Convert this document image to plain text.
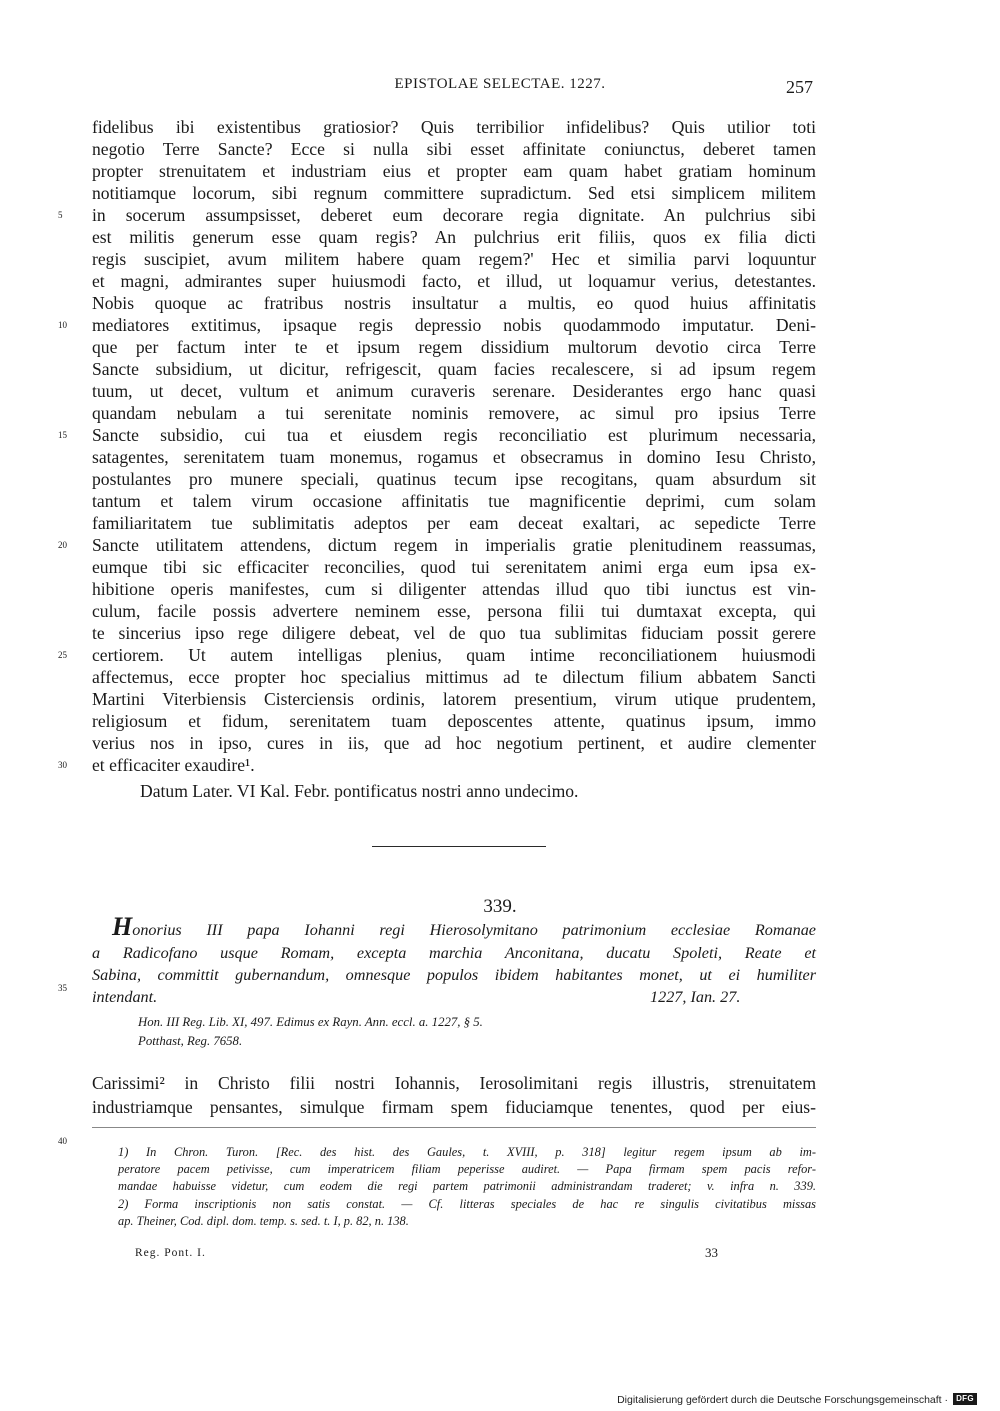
EPISTOLAE SELECTAE. 1227.	257
fidelibus ibi existentibus gratiosior? Quis terribilior infidelibus? Quis utilior toti
negotio Terre Sancte? Ecce si nulla sibi esset affinitate coniunctus, deberet tamen
propter strenuitatem et industriam eius et propter eam quam habet gratiam hominum
notitiamque locorum, sibi regnum committere supradictum. Sed etsi simplicem militem
in socerum assumpsisset, deberet eum decorare regia dignitate. An pulchrius sibi
est militis generum esse quam regis? An pulchrius erit filiis, quos ex filia dicti
regis suscipiet, avum militem habere quam regem?' Hec et similia parvi loquuntur
et magni, admirantes super huiusmodi facto, et illud, ut loquamur verius, detestantes.
Nobis quoque ac fratribus nostris insultatur a multis, eo quod huius affinitatis
mediatores extitimus, ipsaque regis depressio nobis quodammodo imputatur. Deni-
que per factum inter te et ipsum regem dissidium multorum devotio circa Terre
Sancte subsidium, ut dicitur, refrigescit, quam facies recalescere, si ad ipsum regem
tuum, ut decet, vultum et animum curaveris serenare. Desiderantes ergo hanc quasi
quandam nebulam a tui serenitate nominis removere, ac simul pro ipsius Terre
Sancte subsidio, cui tua et eiusdem regis reconciliatio est plurimum necessaria,
satagentes, serenitatem tuam monemus, rogamus et obsecramus in domino Iesu Christo,
postulantes pro munere speciali, quatinus tecum ipse recogitans, quam absurdum sit
tantum et talem virum occasione affinitatis tue magnificentie deprimi, cum solam
familiaritatem tue sublimitatis adeptos per eam deceat exaltari, ac sepedicte Terre
Sancte utilitatem attendens, dictum regem in imperialis gratie plenitudinem reassumas,
eumque tibi sic efficaciter reconcilies, quod tui serenitatem animi erga eum ipsa ex-
hibitione operis manifestes, cum si diligenter attendas illud quo tibi iunctus est vin-
culum, facile possis advertere neminem esse, persona filii tui dumtaxat excepta, qui
te sincerius ipso rege diligere debeat, vel de quo tua sublimitas fiduciam possit gerere
certiorem. Ut autem intelligas plenius, quam intime reconciliationem huiusmodi
affectemus, ecce propter hoc specialius mittimus ad te dilectum filium abbatem Sancti
Martini Viterbiensis Cisterciensis ordinis, latorem presentium, virum utique prudentem,
religiosum et fidum, serenitatem tuam deposcentes attente, quatinus ipsum, immo
verius nos in ipso, cures in iis, que ad hoc negotium pertinent, et audire clementer
et efficaciter exaudire¹.
Datum Later. VI Kal. Febr. pontificatus nostri anno undecimo.
5
10
15
20
25
30
35
40
339.
Honorius III papa Iohanni regi Hierosolymitano patrimonium ecclesiae Romanae
a Radicofano usque Romam, excepta marchia Anconitana, ducatu Spoleti, Reate et
Sabina, committit gubernandum, omnesque populos ibidem habitantes monet, ut ei humiliter
intendant.	1227, Ian. 27.
Hon. III Reg. Lib. XI, 497. Edimus ex Rayn. Ann. eccl. a. 1227, § 5.
Potthast, Reg. 7658.
Carissimi² in Christo filii nostri Iohannis, Ierosolimitani regis illustris, strenuitatem
industriamque pensantes, simulque firmam spem fiduciamque tenentes, quod per eius-
1) In Chron. Turon. [Rec. des hist. des Gaules, t. XVIII, p. 318] legitur regem ipsum ab im-
peratore pacem petivisse, cum imperatricem filiam peperisse audiret. — Papa firmam spem pacis refor-
mandae habuisse videtur, cum eodem die regi partem patrimonii administrandam traderet; v. infra n. 339.
2) Forma inscriptionis non satis constat. — Cf. litteras speciales de hac re singulis civitatibus missas
ap. Theiner, Cod. dipl. dom. temp. s. sed. t. I, p. 82, n. 138.
Reg. Pont. I.	33
Digitalisierung gefördert durch die Deutsche Forschungsgemeinschaft ·	DFG
